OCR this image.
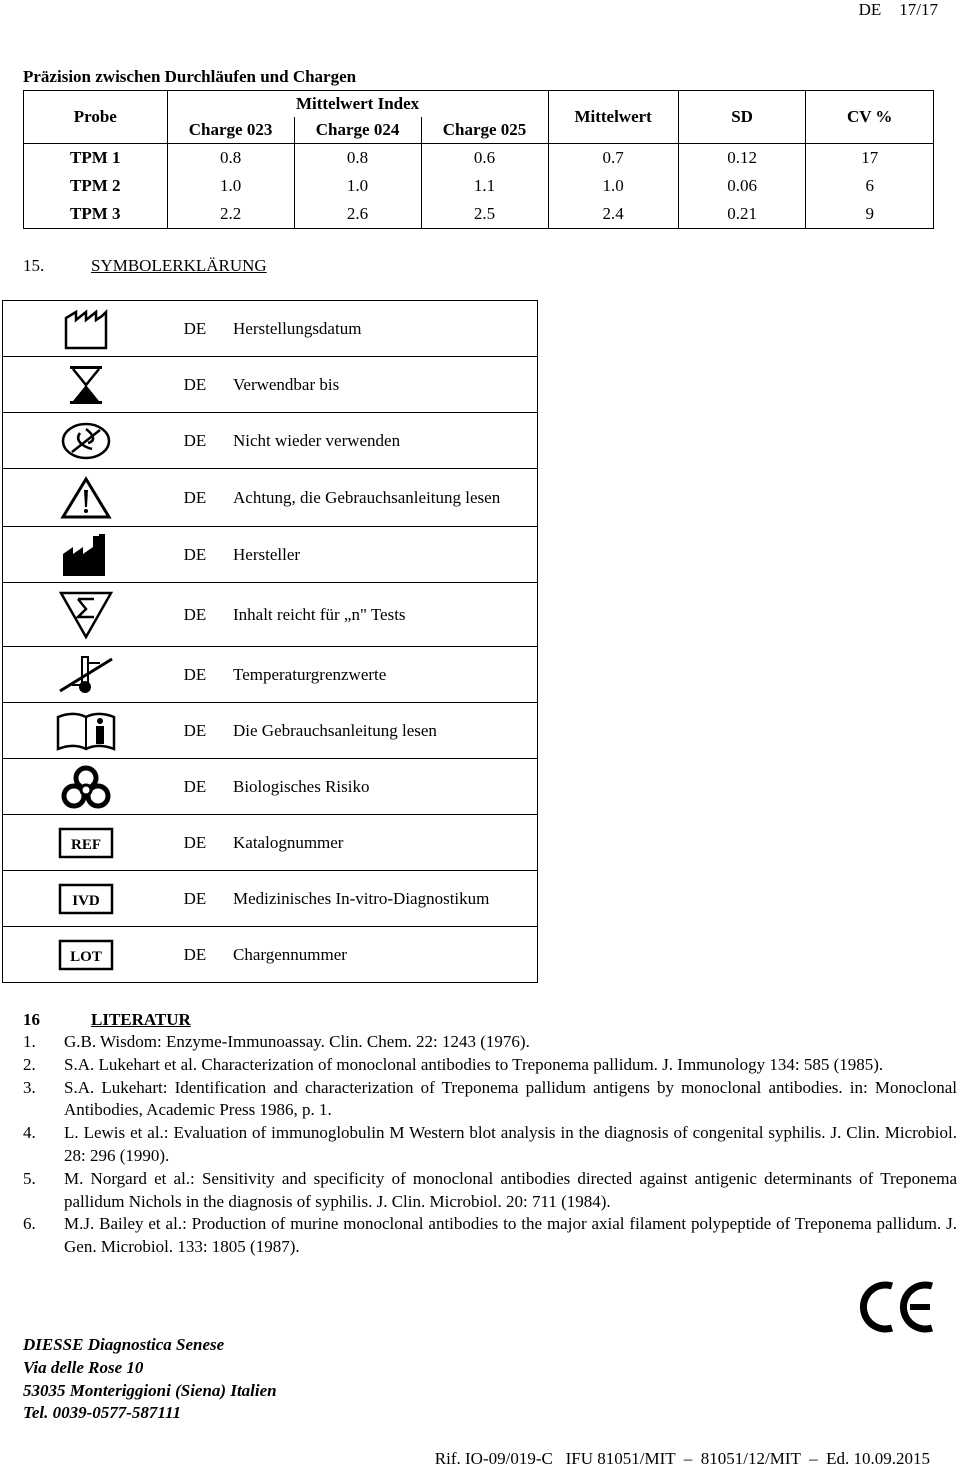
DE 17/17
Präzision zwischen Durchläufen und Chargen
Probe	Mittelwert Index			Mittelwert	SD	CV %
	Charge 023	Charge 024	Charge 025			
TPM 1	0.8	0.8	0.6	0.7	0.12	17
TPM 2	1.0	1.0	1.1	1.0	0.06	6
TPM 3	2.2	2.6	2.5	2.4	0.21	9
15.	SYMBOLERKLÄRUNG
	DE	Herstellungsdatum

	DE	Verwendbar bis

	DE	Nicht wieder verwenden

	DE	Achtung, die Gebrauchsanleitung lesen

	DE	Hersteller

	DE	Inhalt reicht für „n" Tests

	DE	Temperaturgrenzwerte

	DE	Die Gebrauchsanleitung lesen

	DE	Biologisches Risiko

REF	DE	Katalognummer

IVD	DE	Medizinisches In-vitro-Diagnostikum

LOT	DE	Chargennummer
16	LITERATUR
1. G.B. Wisdom: Enzyme-Immunoassay. Clin. Chem. 22: 1243 (1976).
2. S.A. Lukehart et al. Characterization of monoclonal antibodies to Treponema pallidum. J. Immunology 134: 585 (1985).
3. S.A. Lukehart: Identification and characterization of Treponema pallidum antigens by monoclonal antibodies. in: Monoclonal Antibodies, Academic Press 1986, p. 1.
4. L. Lewis et al.: Evaluation of immunoglobulin M Western blot analysis in the diagnosis of congenital syphilis. J. Clin. Microbiol. 28: 296 (1990).
5. M. Norgard et al.: Sensitivity and specificity of monoclonal antibodies directed against antigenic determinants of Treponema pallidum Nichols in the diagnosis of syphilis. J. Clin. Microbiol. 20: 711 (1984).
6. M.J. Bailey et al.: Production of murine monoclonal antibodies to the major axial filament polypeptide of Treponema pallidum. J. Gen. Microbiol. 133: 1805 (1987).
DIESSE Diagnostica Senese
Via delle Rose 10
53035 Monteriggioni (Siena) Italien
Tel. 0039-0577-587111
Rif. IO-09/019-C   IFU 81051/MIT  –  81051/12/MIT  –  Ed. 10.09.2015
